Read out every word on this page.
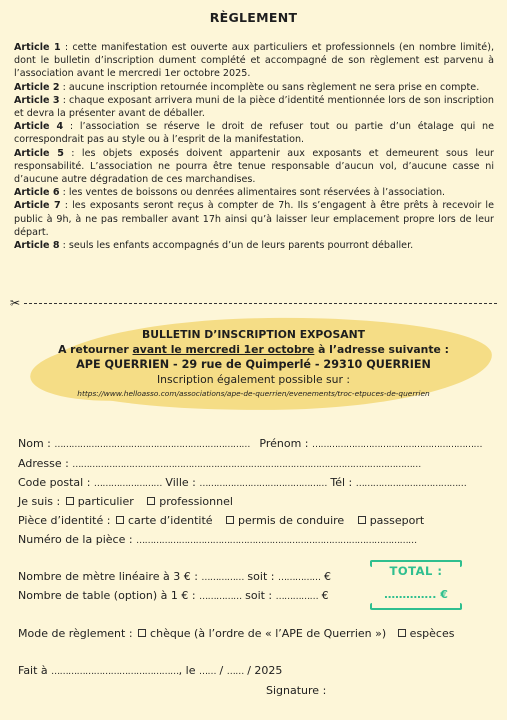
RÈGLEMENT

Article 1 : cette manifestation est ouverte aux particuliers et professionnels (en nombre limité), dont le bulletin d’inscription dument complété et accompagné de son règlement est parvenu à l’association avant le mercredi 1er octobre 2025.

Article 2 : aucune inscription retournée incomplète ou sans règlement ne sera prise en compte.

Article 3 : chaque exposant arrivera muni de la pièce d’identité mentionnée lors de son inscription et devra la présenter avant de déballer.

Article 4 : l’association se réserve le droit de refuser tout ou partie d’un étalage qui ne correspondrait pas au style ou à l’esprit de la manifestation.

Article 5 : les objets exposés doivent appartenir aux exposants et demeurent sous leur responsabilité. L’association ne pourra être tenue responsable d’aucun vol, d’aucune casse ni d’aucune autre dégradation de ces marchandises.

Article 6 : les ventes de boissons ou denrées alimentaires sont réservées à l’association.

Article 7 : les exposants seront reçus à compter de 7h. Ils s’engagent à être prêts à recevoir le public à 9h, à ne pas remballer avant 17h ainsi qu’à laisser leur emplacement propre lors de leur départ.

Article 8 : seuls les enfants accompagnés d’un de leurs parents pourront déballer.

✂
BULLETIN D’INSCRIPTION EXPOSANT
A retourner avant le mercredi 1er octobre à l’adresse suivante :
APE QUERRIEN - 29 rue de Quimperlé - 29310 QUERRIEN
Inscription également possible sur :
https://www.helloasso.com/associations/ape-de-querrien/evenements/troc-etpuces-de-querrien
Nom : …………………………………………………………… Prénom : ……………………………………………………
Adresse : ……………………………………………………………………………………………………………
Code postal : …………………… Ville : ……………………………………… Tél : …………………………………
Je suis : particulier professionnel
Pièce d’identité : carte d’identité permis de conduire passeport
Numéro de la pièce : ………………………………………………………………………………………
Nombre de mètre linéaire à 3 € : …………… soit : …………… €
Nombre de table (option) à 1 € : …………… soit : …………… €
TOTAL :
………….. €
Mode de règlement : chèque (à l’ordre de « l’APE de Querrien ») espèces
Fait à ………………………………………, le …… / …… / 2025
Signature :
